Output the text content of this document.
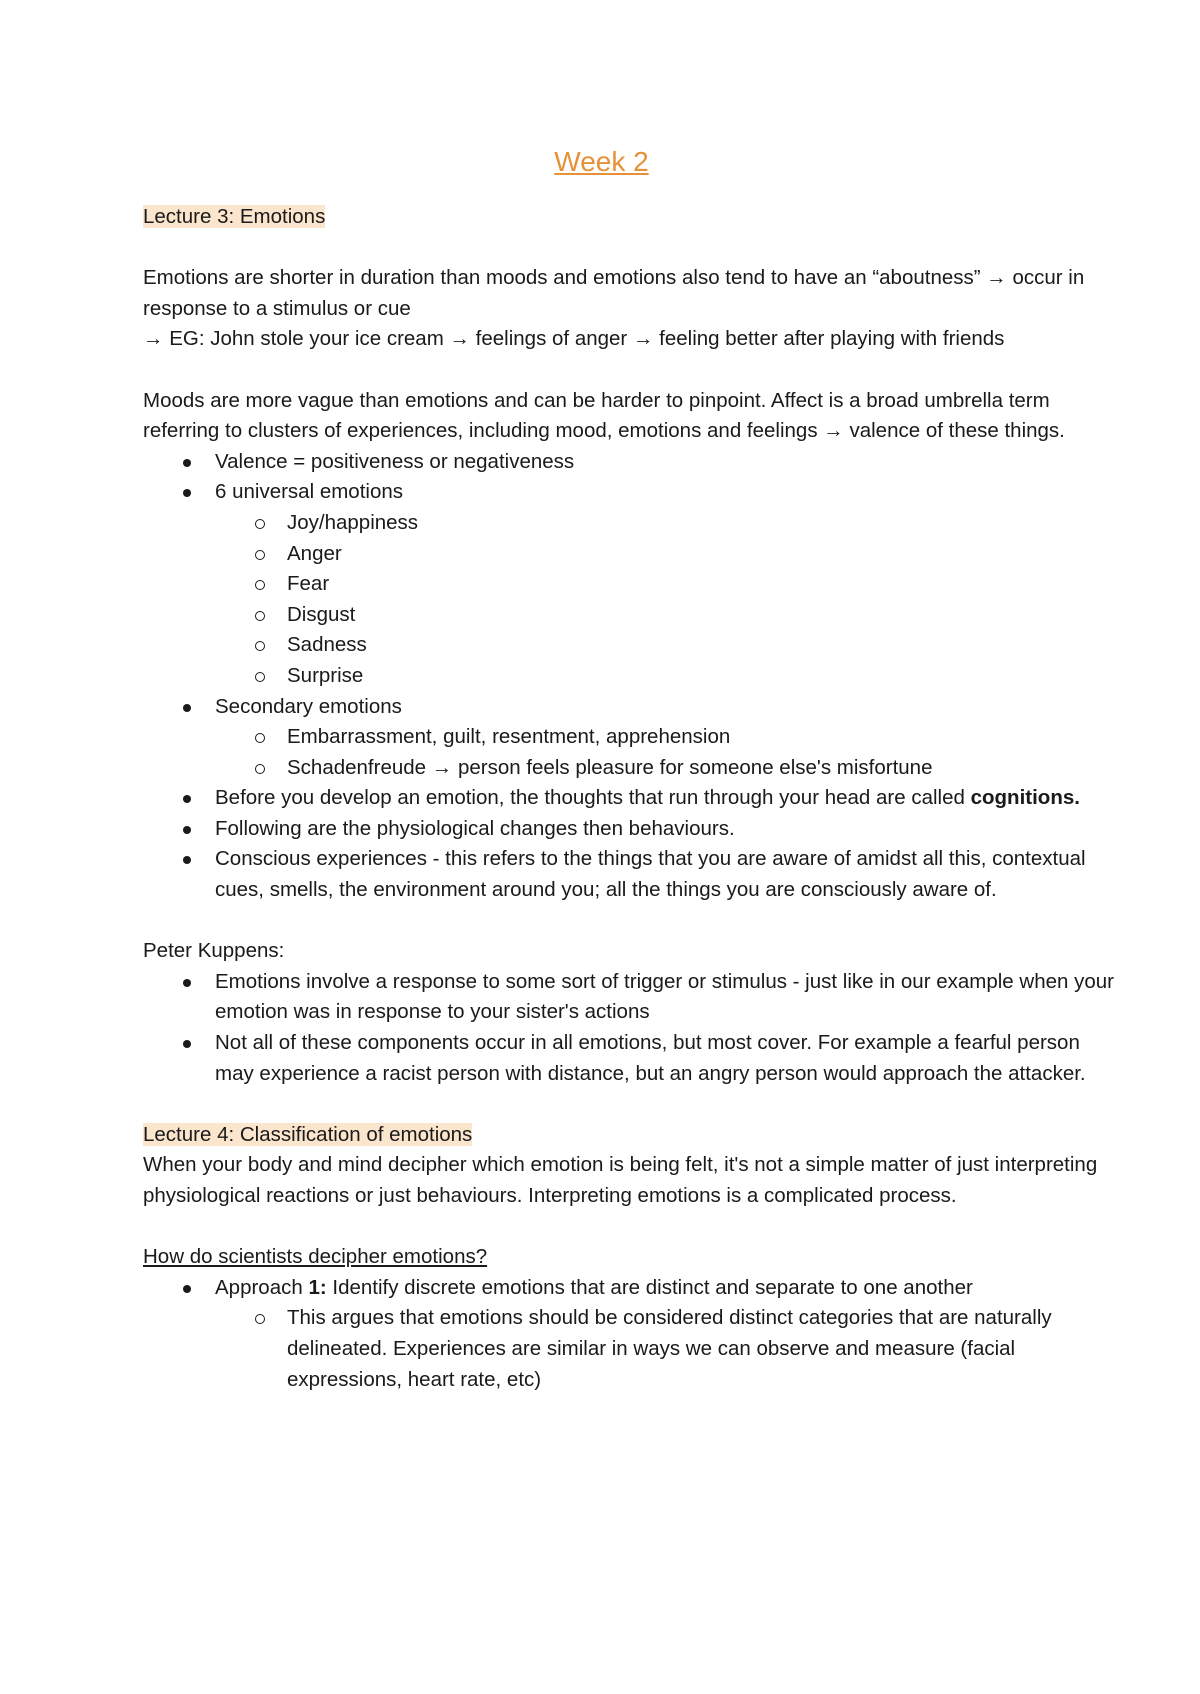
Week 2

Lecture 3: Emotions

Emotions are shorter in duration than moods and emotions also tend to have an “aboutness” → occur in response to a stimulus or cue

→ EG: John stole your ice cream → feelings of anger → feeling better after playing with friends

Moods are more vague than emotions and can be harder to pinpoint. Affect is a broad umbrella term referring to clusters of experiences, including mood, emotions and feelings → valence of these things.

Valence = positiveness or negativeness
6 universal emotions
Joy/happiness
Anger
Fear
Disgust
Sadness
Surprise
Secondary emotions
Embarrassment, guilt, resentment, apprehension
Schadenfreude → person feels pleasure for someone else's misfortune
Before you develop an emotion, the thoughts that run through your head are called cognitions.
Following are the physiological changes then behaviours.
Conscious experiences - this refers to the things that you are aware of amidst all this, contextual cues, smells, the environment around you; all the things you are consciously aware of.

Peter Kuppens:

Emotions involve a response to some sort of trigger or stimulus - just like in our example when your emotion was in response to your sister's actions
Not all of these components occur in all emotions, but most cover. For example a fearful person may experience a racist person with distance, but an angry person would approach the attacker.

Lecture 4: Classification of emotions

When your body and mind decipher which emotion is being felt, it's not a simple matter of just interpreting physiological reactions or just behaviours. Interpreting emotions is a complicated process.

How do scientists decipher emotions?

Approach 1: Identify discrete emotions that are distinct and separate to one another
This argues that emotions should be considered distinct categories that are naturally delineated. Experiences are similar in ways we can observe and measure (facial expressions, heart rate, etc)
